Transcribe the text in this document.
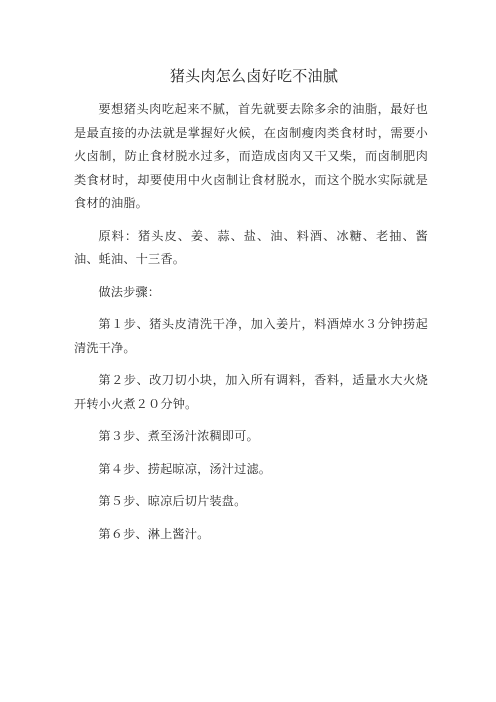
猪头肉怎么卤好吃不油腻

要想猪头肉吃起来不腻，首先就要去除多余的油脂，最好也是最直接的办法就是掌握好火候，在卤制瘦肉类食材时，需要小火卤制，防止食材脱水过多，而造成卤肉又干又柴，而卤制肥肉类食材时，却要使用中火卤制让食材脱水，而这个脱水实际就是食材的油脂。

原料：猪头皮、姜、蒜、盐、油、料酒、冰糖、老抽、酱油、蚝油、十三香。

做法步骤：

第１步、猪头皮清洗干净，加入姜片，料酒焯水３分钟捞起清洗干净。

第２步、改刀切小块，加入所有调料，香料，适量水大火烧开转小火煮２０分钟。

第３步、煮至汤汁浓稠即可。

第４步、捞起晾凉，汤汁过滤。

第５步、晾凉后切片装盘。

第６步、淋上酱汁。
